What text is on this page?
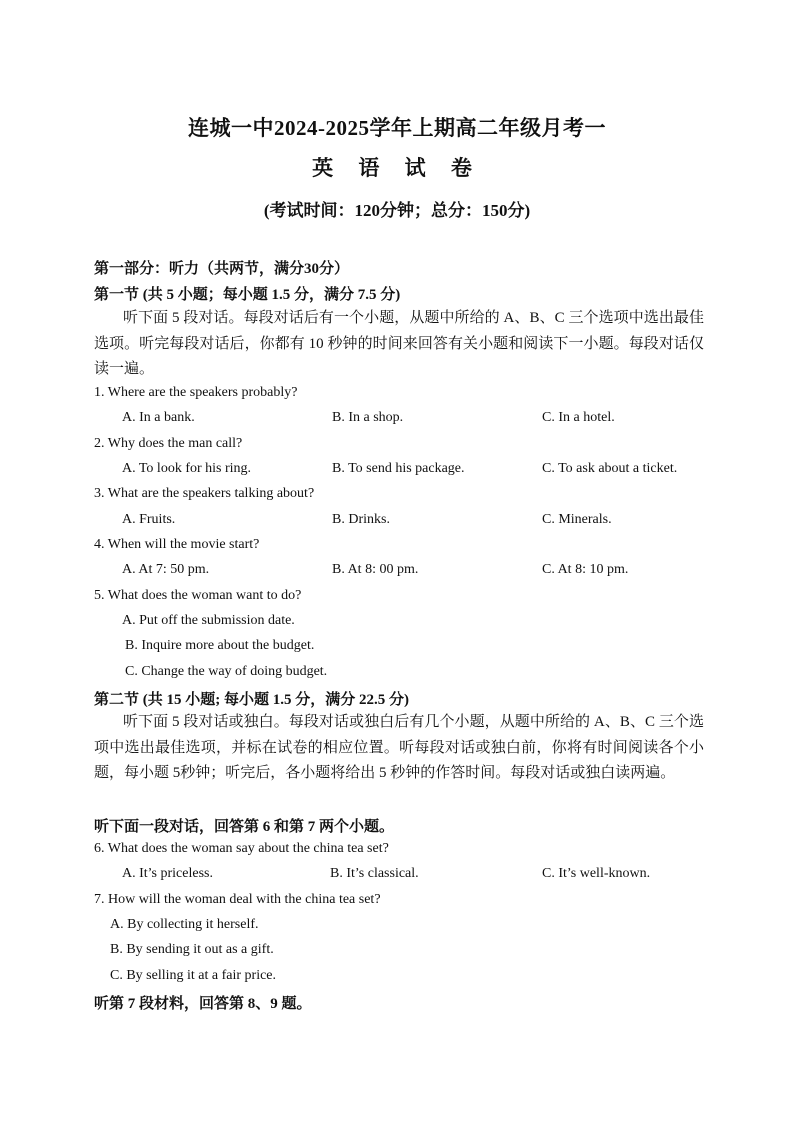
连城一中2024-2025学年上期高二年级月考一
英 语 试 卷
(考试时间：120分钟；总分：150分)
第一部分：听力（共两节，满分30分）
第一节 (共 5 小题；每小题 1.5 分，满分 7.5 分)
听下面 5 段对话。每段对话后有一个小题，从题中所给的 A、B、C 三个选项中选出最佳选项。听完每段对话后，你都有 10 秒钟的时间来回答有关小题和阅读下一小题。每段对话仅读一遍。
1. Where are the speakers probably?
A. In a bank.	B. In a shop.	C. In a hotel.
2. Why does the man call?
A. To look for his ring.	B. To send his package.	C. To ask about a ticket.
3. What are the speakers talking about?
A. Fruits.	B. Drinks.	C. Minerals.
4. When will the movie start?
A. At 7: 50 pm.	B. At 8: 00 pm.	C. At 8: 10 pm.
5. What does the woman want to do?
A. Put off the submission date.
B. Inquire more about the budget.
C. Change the way of doing budget.
第二节 (共 15 小题; 每小题 1.5 分，满分 22.5 分)
听下面 5 段对话或独白。每段对话或独白后有几个小题，从题中所给的 A、B、C 三个选项中选出最佳选项，并标在试卷的相应位置。听每段对话或独白前，你将有时间阅读各个小题，每小题 5秒钟；听完后，各小题将给出 5 秒钟的作答时间。每段对话或独白读两遍。
听下面一段对话，回答第 6 和第 7 两个小题。
6. What does the woman say about the china tea set?
A. It’s priceless.	B. It’s classical.	C. It’s well-known.
7. How will the woman deal with the china tea set?
A. By collecting it herself.
B. By sending it out as a gift.
C. By selling it at a fair price.
听第 7 段材料，回答第 8、9 题。
